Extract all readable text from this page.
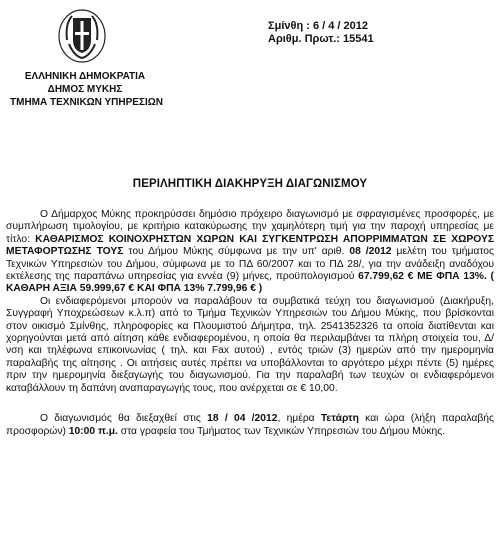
ΕΛΛΗΝΙΚΗ ΔΗΜΟΚΡΑΤΙΑ
ΔΗΜΟΣ ΜΥΚΗΣ
ΤΜΗΜΑ ΤΕΧΝΙΚΩΝ ΥΠΗΡΕΣΙΩΝ
Σμίνθη : 6 / 4 / 2012
Αριθμ. Πρωτ.: 15541
ΠΕΡΙΛΗΠΤΙΚΗ ΔΙΑΚΗΡΥΞΗ ΔΙΑΓΩΝΙΣΜΟΥ

Ο Δήμαρχος Μύκης προκηρύσσει δημόσιο πρόχειρο διαγωνισμό με σφραγισμένες προσφορές, με συμπλήρωση τιμολογίου, με κριτήριο κατακύρωσης την χαμηλότερη τιμή για την παροχή υπηρεσίας με τίτλο: ΚΑΘΑΡΙΣΜΟΣ ΚΟΙΝΟΧΡΗΣΤΩΝ ΧΩΡΩΝ ΚΑΙ ΣΥΓΚΕΝΤΡΩΣΗ ΑΠΟΡΡΙΜΜΑΤΩΝ ΣΕ ΧΩΡΟΥΣ ΜΕΤΑΦΟΡΤΩΣΗΣ ΤΟΥΣ του Δήμου Μύκης σύμφωνα με την υπ' αριθ. 08 /2012 μελέτη του τμήματος Τεχνικών Υπηρεσιών του Δήμου, σύμφωνα με το ΠΔ 60/2007 και το ΠΔ 28/, για την ανάδειξη αναδόχου εκτέλεσης της παραπάνω υπηρεσίας για εννέα (9) μήνες, προϋπολογισμού 67.799,62 € ΜΕ ΦΠΑ 13%. ( ΚΑΘΑΡΗ ΑΞΙΑ 59.999,67 € ΚΑΙ ΦΠΑ 13% 7.799,96 € )

Οι ενδιαφερόμενοι μπορούν να παραλάβουν τα συμβατικά τεύχη του διαγωνισμού (Διακήρυξη, Συγγραφή Υποχρεώσεων κ.λ.π) από το Τμήμα Τεχνικών Υπηρεσιών του Δήμου Μύκης, που βρίσκονται στον οικισμό Σμίνθης, πληροφορίες κα Πλουμιστού Δήμητρα, τηλ. 2541352326 τα οποία διατίθενται και χορηγούνται μετά από αίτηση κάθε ενδιαφερομένου, η οποία θα περιλαμβάνει τα πλήρη στοιχεία του, Δ/νση και τηλέφωνα επικοινωνίας ( τηλ. και Fax αυτού) , εντός τριών (3) ημερών από την ημερομηνία παραλαβής της αίτησης . Οι αιτήσεις αυτές πρέπει να υποβάλλονται το αργότερο μέχρι πέντε (5) ημέρες πριν την ημερομηνία διεξαγωγής του διαγωνισμού. Για την παραλαβή των τευχών οι ενδιαφερόμενοι καταβάλλουν τη δαπάνη αναπαραγωγής τους, που ανέρχεται σε € 10,00.

Ο διαγωνισμός θα διεξαχθεί στις 18 / 04 /2012, ημέρα Τετάρτη και ώρα (λήξη παραλαβής προσφορών) 10:00 π.μ. στα γραφεία του Τμήματος των Τεχνικών Υπηρεσιών του Δήμου Μύκης.
